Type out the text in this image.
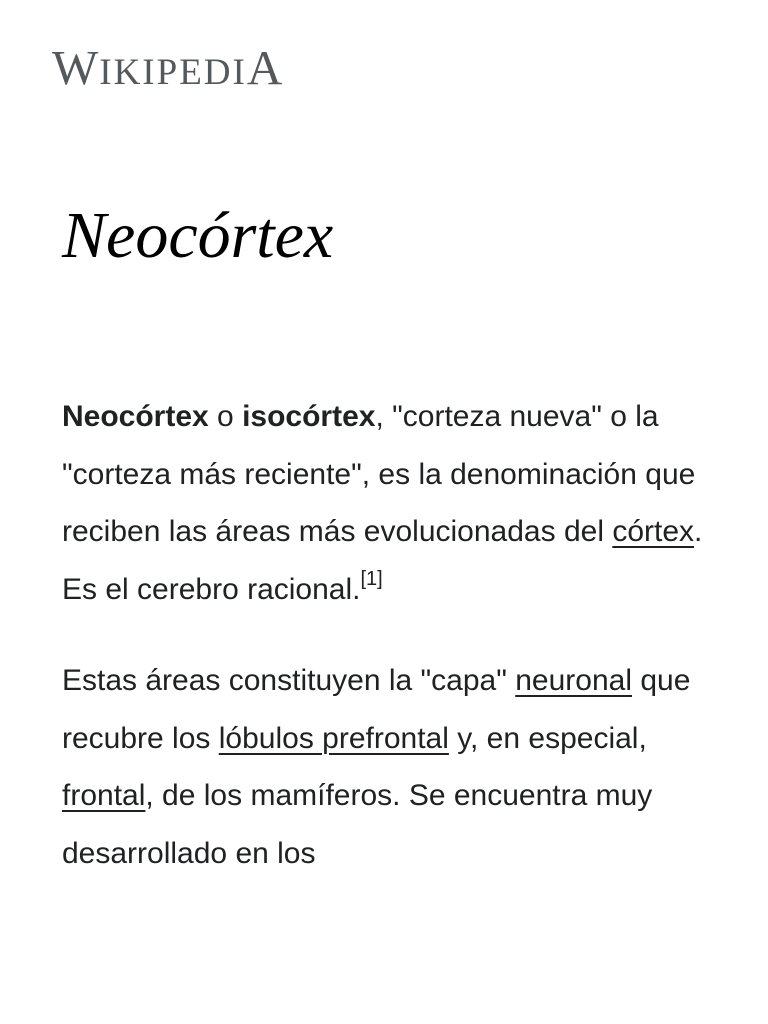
WIKIPEDIA
Neocórtex

Neocórtex o isocórtex, "corteza nueva" o la "corteza más reciente", es la denominación que reciben las áreas más evolucionadas del córtex. Es el cerebro racional.[1]

Estas áreas constituyen la "capa" neuronal que recubre los lóbulos prefrontal y, en especial, frontal, de los mamíferos. Se encuentra muy desarrollado en los
